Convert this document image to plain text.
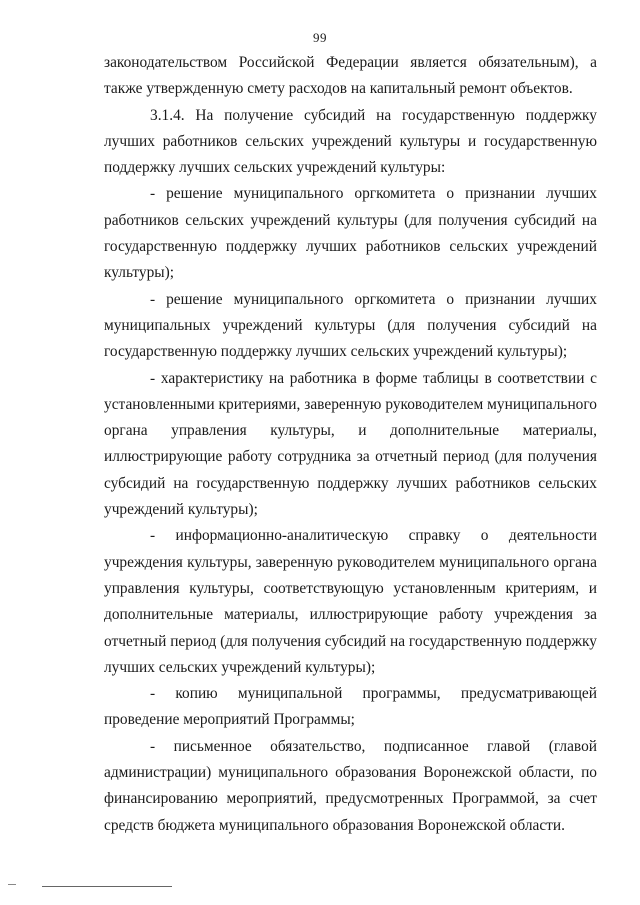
99

законодательством Российской Федерации является обязательным), а также утвержденную смету расходов на капитальный ремонт объектов.

3.1.4. На получение субсидий на государственную поддержку лучших работников сельских учреждений культуры и государственную поддержку лучших сельских учреждений культуры:

- решение муниципального оргкомитета о признании лучших работников сельских учреждений культуры (для получения субсидий на государственную поддержку лучших работников сельских учреждений культуры);

- решение муниципального оргкомитета о признании лучших муниципальных учреждений культуры (для получения субсидий на государственную поддержку лучших сельских учреждений культуры);

- характеристику на работника в форме таблицы в соответствии с установленными критериями, заверенную руководителем муниципального органа управления культуры, и дополнительные материалы, иллюстрирующие работу сотрудника за отчетный период (для получения субсидий на государственную поддержку лучших работников сельских учреждений культуры);

- информационно-аналитическую справку о деятельности учреждения культуры, заверенную руководителем муниципального органа управления культуры, соответствующую установленным критериям, и дополнительные материалы, иллюстрирующие работу учреждения за отчетный период (для получения субсидий на государственную поддержку лучших сельских учреждений культуры);

- копию муниципальной программы, предусматривающей проведение мероприятий Программы;

- письменное обязательство, подписанное главой (главой администрации) муниципального образования Воронежской области, по финансированию мероприятий, предусмотренных Программой, за счет средств бюджета муниципального образования Воронежской области.
